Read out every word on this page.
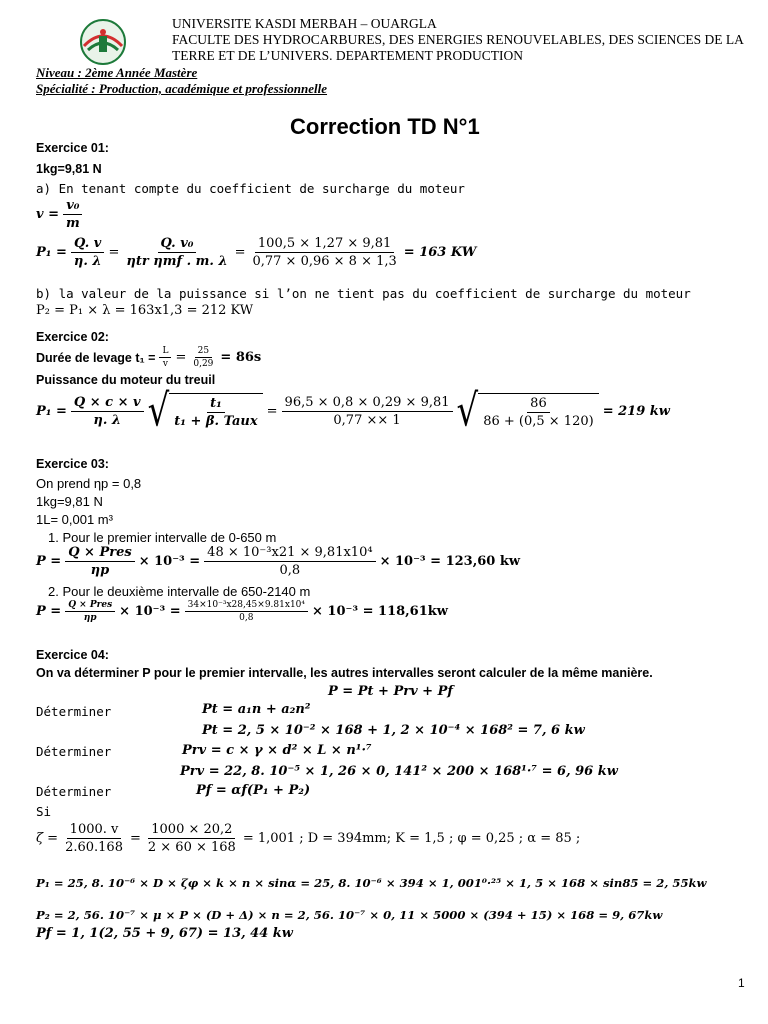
UNIVERSITE KASDI MERBAH – OUARGLA
FACULTE DES HYDROCARBURES, DES ENERGIES RENOUVELABLES, DES SCIENCES DE LA
TERRE ET DE L’UNIVERS. DEPARTEMENT PRODUCTION
Niveau : 2ème Année Mastère
Spécialité : Production, académique et professionnelle
Correction TD N°1
Exercice 01:
1kg=9,81 N
a) En tenant compte du coefficient de surcharge du moteur
$v = \frac{\text{v₀}}{m}$
$P_1 = \frac{Q. v}{\eta. \lambda} = \frac{\text{Q. v₀}}{\text{ηtr ηmf . m. λ}} = \frac{100,5 \times 1,27 \times 9,81}{0,77 \times 0,96 \times 8 \times 1,3} = 163$ KW
b) la valeur de la puissance si l’on ne tient pas du coefficient de surcharge du moteur
P₂ = P₁ × λ = 163x1,3 = 212 KW
Exercice 02:
Durée de levage $t_1 = \frac{L}{v} = \frac{25}{0,29} = 86s$
Puissance du moteur du treuil
$P_1 = \frac{Q \times c \times v}{\eta. \lambda}$ √ $\frac{\text{t₁}}{\text{t₁ + β. Taux}} = \frac{96,5 \times 0,8 \times 0,29 \times 9,81}{0,77 \times\times 1}$ √ $\frac{86}{86 + (0,5 \times 120)} = 219$ kw
Exercice 03:
On prend ηp = 0,8
1kg=9,81 N
1L= 0,001 m³
1. Pour le premier intervalle de 0-650 m
$P = \frac{\text{Q × Pres}}{\eta p} \times 10^{-3} = \frac{\text{48 × 10⁻³x21 × 9,81x10⁴}}{0,8} \times 10^{-3} = 123,60$ kw
2. Pour le deuxième intervalle de 650-2140 m
$P = \frac{\text{Q × Pres}}{\eta p} \times 10^{-3} = \frac{\text{34×10⁻³x28,45×9.81x10⁴}}{0,8} \times 10^{-3} = 118,61kw$
Exercice 04:
On va déterminer P pour le premier intervalle, les autres intervalles seront calculer de la même manière.
P = Pt + Prv + Pf
Déterminer	Pt = a₁n + a₂n²
Pt = 2, 5 × 10⁻² × 168 + 1, 2 × 10⁻⁴ × 168² = 7, 6 kw
Déterminer	Prv = c × γ × d² × L × n¹·⁷
Prv = 22, 8. 10⁻⁵ × 1, 26 × 0, 141² × 200 × 168¹·⁷ = 6, 96 kw
Déterminer	Pf = αf(P₁ + P₂)
Si
$\zeta = \frac{1000. v}{2.60.168} = \frac{1000 \times 20,2}{2 \times 60 \times 168} = 1,001$ ; D = 394mm; K = 1,5 ; φ = 0,25 ; α = 85 ;
P₁ = 25, 8. 10⁻⁶ × D × ζφ × k × n × sinα = 25, 8. 10⁻⁶ × 394 × 1, 001⁰·²⁵ × 1, 5 × 168 × sin85 = 2, 55kw
P₂ = 2, 56. 10⁻⁷ × μ × P × (D + Δ) × n = 2, 56. 10⁻⁷ × 0, 11 × 5000 × (394 + 15) × 168 = 9, 67kw
Pf = 1, 1(2, 55 + 9, 67) = 13, 44 kw
1
